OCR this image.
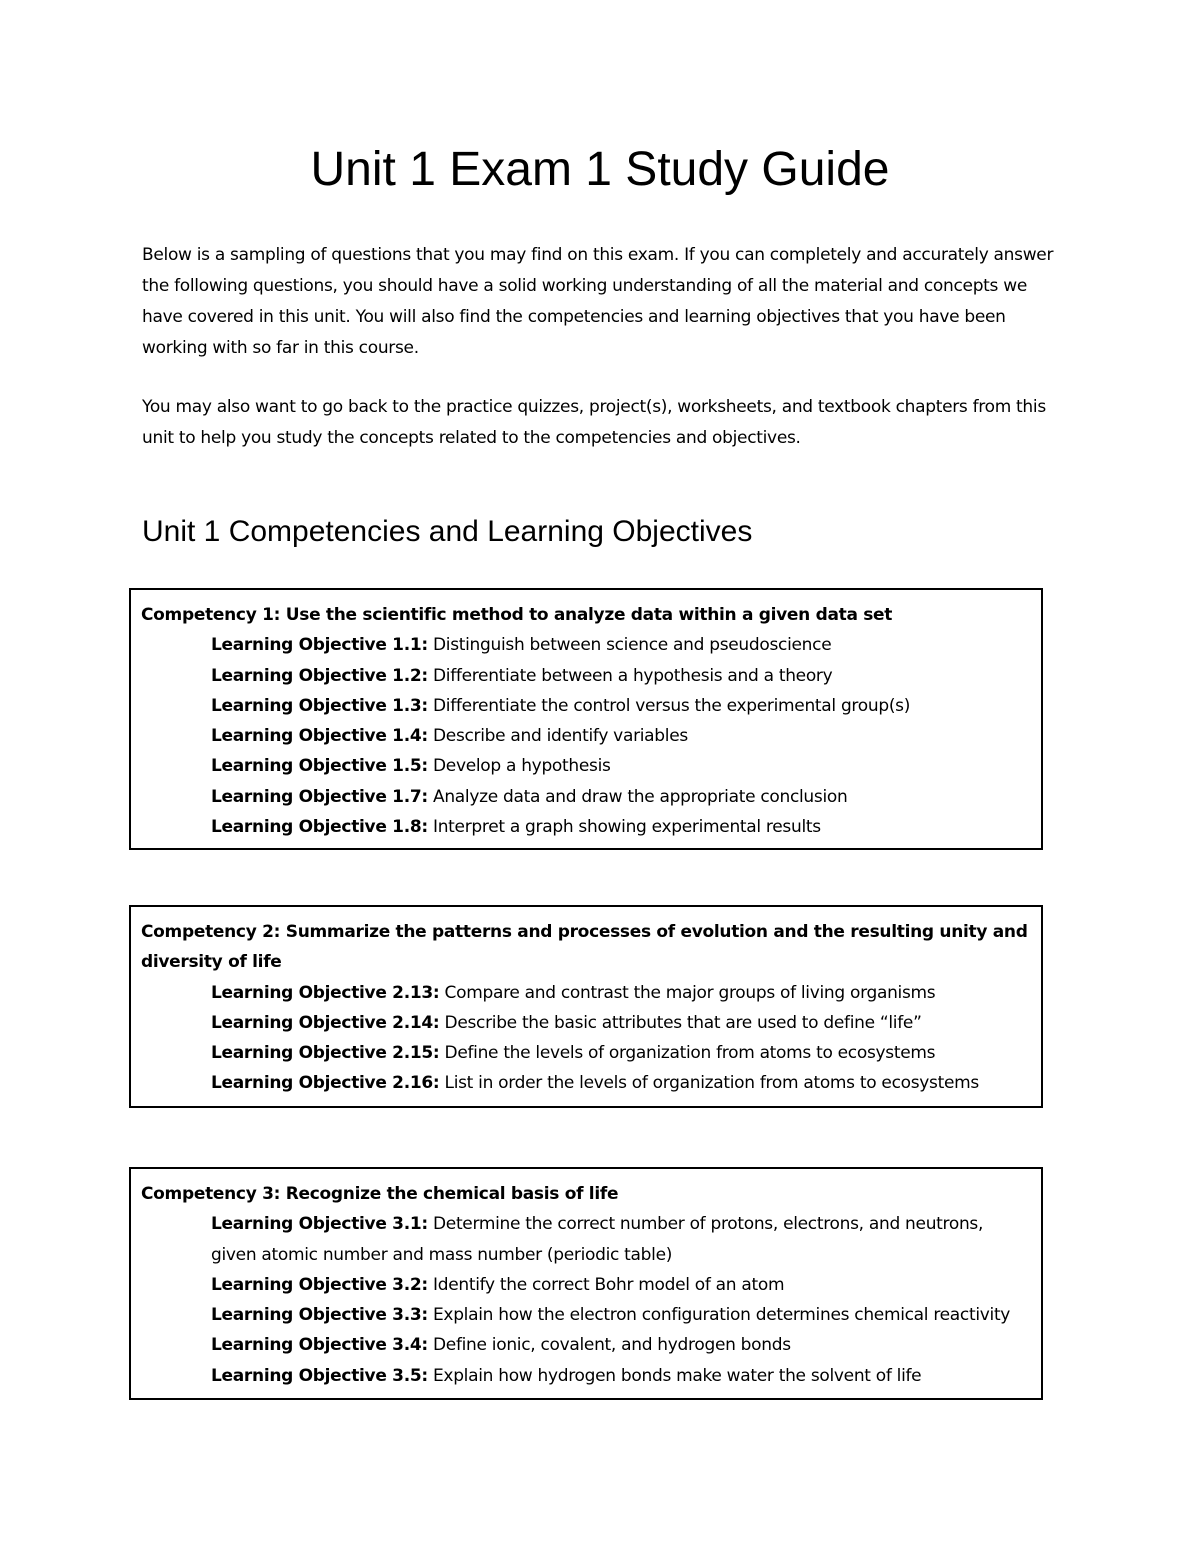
Unit 1 Exam 1 Study Guide

Below is a sampling of questions that you may find on this exam. If you can completely and accurately answer the following questions, you should have a solid working understanding of all the material and concepts we have covered in this unit. You will also find the competencies and learning objectives that you have been working with so far in this course.

You may also want to go back to the practice quizzes, project(s), worksheets, and textbook chapters from this unit to help you study the concepts related to the competencies and objectives.

Unit 1 Competencies and Learning Objectives

Competency 1: Use the scientific method to analyze data within a given data set

Learning Objective 1.1: Distinguish between science and pseudoscience
Learning Objective 1.2: Differentiate between a hypothesis and a theory
Learning Objective 1.3: Differentiate the control versus the experimental group(s)
Learning Objective 1.4: Describe and identify variables
Learning Objective 1.5: Develop a hypothesis
Learning Objective 1.7: Analyze data and draw the appropriate conclusion
Learning Objective 1.8: Interpret a graph showing experimental results

Competency 2: Summarize the patterns and processes of evolution and the resulting unity and diversity of life

Learning Objective 2.13: Compare and contrast the major groups of living organisms
Learning Objective 2.14: Describe the basic attributes that are used to define “life”
Learning Objective 2.15: Define the levels of organization from atoms to ecosystems
Learning Objective 2.16: List in order the levels of organization from atoms to ecosystems

Competency 3: Recognize the chemical basis of life

Learning Objective 3.1: Determine the correct number of protons, electrons, and neutrons, given atomic number and mass number (periodic table)
Learning Objective 3.2: Identify the correct Bohr model of an atom
Learning Objective 3.3: Explain how the electron configuration determines chemical reactivity
Learning Objective 3.4: Define ionic, covalent, and hydrogen bonds
Learning Objective 3.5: Explain how hydrogen bonds make water the solvent of life
